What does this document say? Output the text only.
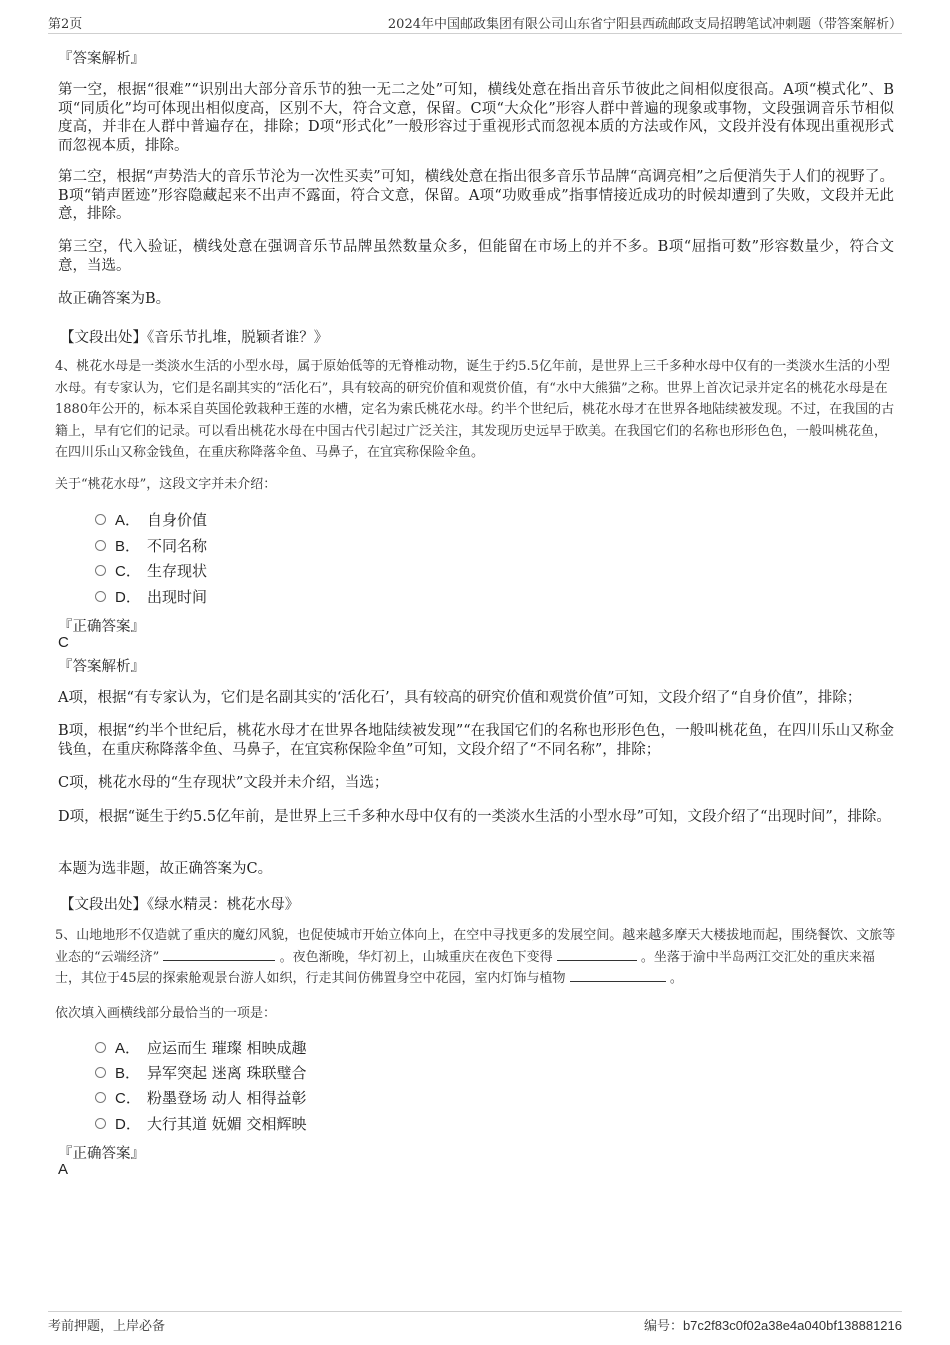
第2页	2024年中国邮政集团有限公司山东省宁阳县西疏邮政支局招聘笔试冲刺题（带答案解析）
『答案解析』

第一空，根据“很难”“识别出大部分音乐节的独一无二之处”可知，横线处意在指出音乐节彼此之间相似度很高。A项“模式化”、B项“同质化”均可体现出相似度高，区别不大，符合文意，保留。C项“大众化”形容人群中普遍的现象或事物，文段强调音乐节相似度高，并非在人群中普遍存在，排除；D项“形式化”一般形容过于重视形式而忽视本质的方法或作风，文段并没有体现出重视形式而忽视本质，排除。

第二空，根据“声势浩大的音乐节沦为一次性买卖”可知，横线处意在指出很多音乐节品牌“高调亮相”之后便消失于人们的视野了。B项“销声匿迹”形容隐藏起来不出声不露面，符合文意，保留。A项“功败垂成”指事情接近成功的时候却遭到了失败，文段并无此意，排除。

第三空，代入验证，横线处意在强调音乐节品牌虽然数量众多，但能留在市场上的并不多。B项“屈指可数”形容数量少，符合文意，当选。

故正确答案为B。

【文段出处】《音乐节扎堆，脱颖者谁？》

4、桃花水母是一类淡水生活的小型水母，属于原始低等的无脊椎动物，诞生于约5.5亿年前，是世界上三千多种水母中仅有的一类淡水生活的小型水母。有专家认为，它们是名副其实的“活化石”，具有较高的研究价值和观赏价值，有“水中大熊猫”之称。世界上首次记录并定名的桃花水母是在1880年公开的，标本采自英国伦敦栽种王莲的水槽，定名为索氏桃花水母。约半个世纪后，桃花水母才在世界各地陆续被发现。不过，在我国的古籍上，早有它们的记录。可以看出桃花水母在中国古代引起过广泛关注，其发现历史远早于欧美。在我国它们的名称也形形色色，一般叫桃花鱼，在四川乐山又称金钱鱼，在重庆称降落伞鱼、马鼻子，在宜宾称保险伞鱼。

关于“桃花水母”，这段文字并未介绍：
A． 自身价值
B． 不同名称
C． 生存现状
D． 出现时间
『正确答案』
C
『答案解析』

A项，根据“有专家认为，它们是名副其实的‘活化石’，具有较高的研究价值和观赏价值”可知，文段介绍了“自身价值”，排除；

B项，根据“约半个世纪后，桃花水母才在世界各地陆续被发现”“在我国它们的名称也形形色色，一般叫桃花鱼，在四川乐山又称金钱鱼，在重庆称降落伞鱼、马鼻子，在宜宾称保险伞鱼”可知，文段介绍了“不同名称”，排除；

C项，桃花水母的“生存现状”文段并未介绍，当选；

D项，根据“诞生于约5.5亿年前，是世界上三千多种水母中仅有的一类淡水生活的小型水母”可知，文段介绍了“出现时间”，排除。

本题为选非题，故正确答案为C。

【文段出处】《绿水精灵：桃花水母》

5、山地地形不仅造就了重庆的魔幻风貌，也促使城市开始立体向上，在空中寻找更多的发展空间。越来越多摩天大楼拔地而起，围绕餐饮、文旅等业态的“云端经济”	。夜色渐晚，华灯初上，山城重庆在夜色下变得	。坐落于渝中半岛两江交汇处的重庆来福士，其位于45层的探索舱观景台游人如织，行走其间仿佛置身空中花园，室内灯饰与植物	。

依次填入画横线部分最恰当的一项是：
A． 应运而生 璀璨 相映成趣
B． 异军突起 迷离 珠联璧合
C． 粉墨登场 动人 相得益彰
D． 大行其道 妩媚 交相辉映
『正确答案』
A
考前押题，上岸必备	编号：b7c2f83c0f02a38e4a040bf138881216
